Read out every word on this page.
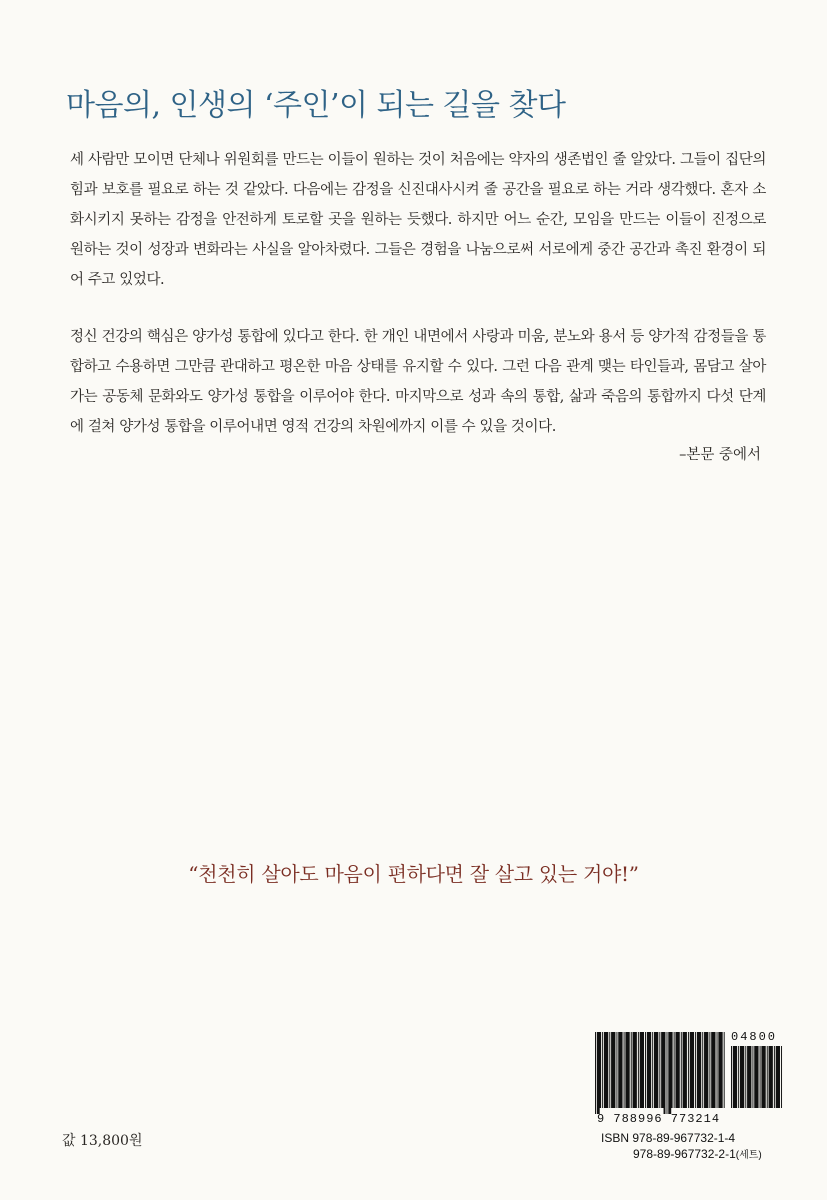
마음의, 인생의 ‘주인’이 되는 길을 찾다

세 사람만 모이면 단체나 위원회를 만드는 이들이 원하는 것이 처음에는 약자의 생존법인 줄 알았다. 그들이 집단의 힘과 보호를 필요로 하는 것 같았다. 다음에는 감정을 신진대사시켜 줄 공간을 필요로 하는 거라 생각했다. 혼자 소화시키지 못하는 감정을 안전하게 토로할 곳을 원하는 듯했다. 하지만 어느 순간, 모임을 만드는 이들이 진정으로 원하는 것이 성장과 변화라는 사실을 알아차렸다. 그들은 경험을 나눔으로써 서로에게 중간 공간과 촉진 환경이 되어 주고 있었다.

정신 건강의 핵심은 양가성 통합에 있다고 한다. 한 개인 내면에서 사랑과 미움, 분노와 용서 등 양가적 감정들을 통합하고 수용하면 그만큼 관대하고 평온한 마음 상태를 유지할 수 있다. 그런 다음 관계 맺는 타인들과, 몸담고 살아가는 공동체 문화와도 양가성 통합을 이루어야 한다. 마지막으로 성과 속의 통합, 삶과 죽음의 통합까지 다섯 단계에 걸쳐 양가성 통합을 이루어내면 영적 건강의 차원에까지 이를 수 있을 것이다.

–본문 중에서
“천천히 살아도 마음이 편하다면 잘 살고 있는 거야!”
값 13,800원
04800
9 788996 773214
ISBN 978-89-967732-1-4
978-89-967732-2-1(세트)
